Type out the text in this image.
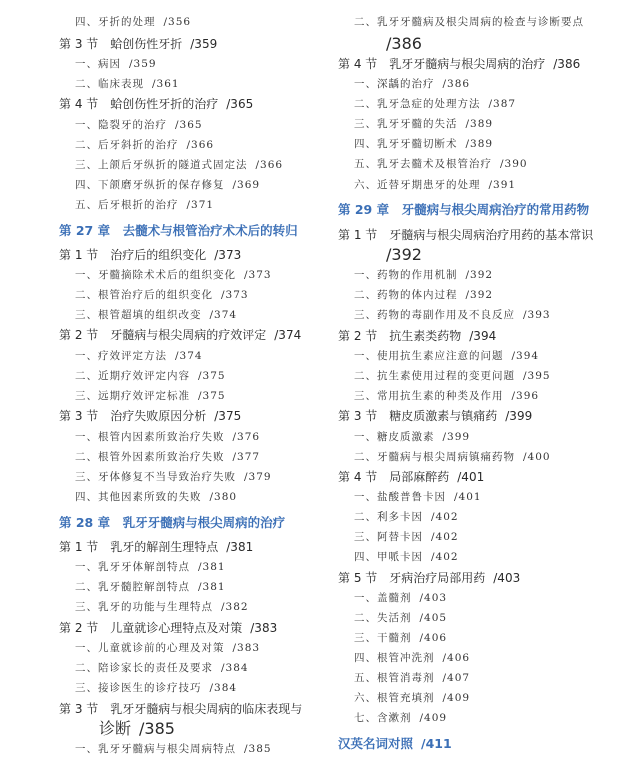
四、牙折的处理 /356
第 3 节　蛤创伤性牙折 /359
一、病因 /359
二、临床表现 /361
第 4 节　蛤创伤性牙折的治疗 /365
一、隐裂牙的治疗 /365
二、后牙斜折的治疗 /366
三、上颌后牙纵折的隧道式固定法 /366
四、下颌磨牙纵折的保存修复 /369
五、后牙根折的治疗 /371
第 27 章　去髓术与根管治疗术术后的转归
第 1 节　治疗后的组织变化 /373
一、牙髓摘除术术后的组织变化 /373
二、根管治疗后的组织变化 /373
三、根管超填的组织改变 /374
第 2 节　牙髓病与根尖周病的疗效评定 /374
一、疗效评定方法 /374
二、近期疗效评定内容 /375
三、远期疗效评定标准 /375
第 3 节　治疗失败原因分析 /375
一、根管内因素所致治疗失败 /376
二、根管外因素所致治疗失败 /377
三、牙体修复不当导致治疗失败 /379
四、其他因素所致的失败 /380
第 28 章　乳牙牙髓病与根尖周病的治疗
第 1 节　乳牙的解剖生理特点 /381
一、乳牙牙体解剖特点 /381
二、乳牙髓腔解剖特点 /381
三、乳牙的功能与生理特点 /382
第 2 节　儿童就诊心理特点及对策 /383
一、儿童就诊前的心理及对策 /383
二、陪诊家长的责任及要求 /384
三、接诊医生的诊疗技巧 /384
第 3 节　乳牙牙髓病与根尖周病的临床表现与
诊断 /385
一、乳牙牙髓病与根尖周病特点 /385
二、乳牙牙髓病及根尖周病的检查与诊断要点
/386
第 4 节　乳牙牙髓病与根尖周病的治疗 /386
一、深龋的治疗 /386
二、乳牙急症的处理方法 /387
三、乳牙牙髓的失活 /389
四、乳牙牙髓切断术 /389
五、乳牙去髓术及根管治疗 /390
六、近替牙期患牙的处理 /391
第 29 章　牙髓病与根尖周病治疗的常用药物
第 1 节　牙髓病与根尖周病治疗用药的基本常识
/392
一、药物的作用机制 /392
二、药物的体内过程 /392
三、药物的毒副作用及不良反应 /393
第 2 节　抗生素类药物 /394
一、使用抗生素应注意的问题 /394
二、抗生素使用过程的变更问题 /395
三、常用抗生素的种类及作用 /396
第 3 节　糖皮质激素与镇痛药 /399
一、糖皮质激素 /399
二、牙髓病与根尖周病镇痛药物 /400
第 4 节　局部麻醉药 /401
一、盐酸普鲁卡因 /401
二、利多卡因 /402
三、阿替卡因 /402
四、甲哌卡因 /402
第 5 节　牙病治疗局部用药 /403
一、盖髓剂 /403
二、失活剂 /405
三、干髓剂 /406
四、根管冲洗剂 /406
五、根管消毒剂 /407
六、根管充填剂 /409
七、含漱剂 /409
汉英名词对照 /411
